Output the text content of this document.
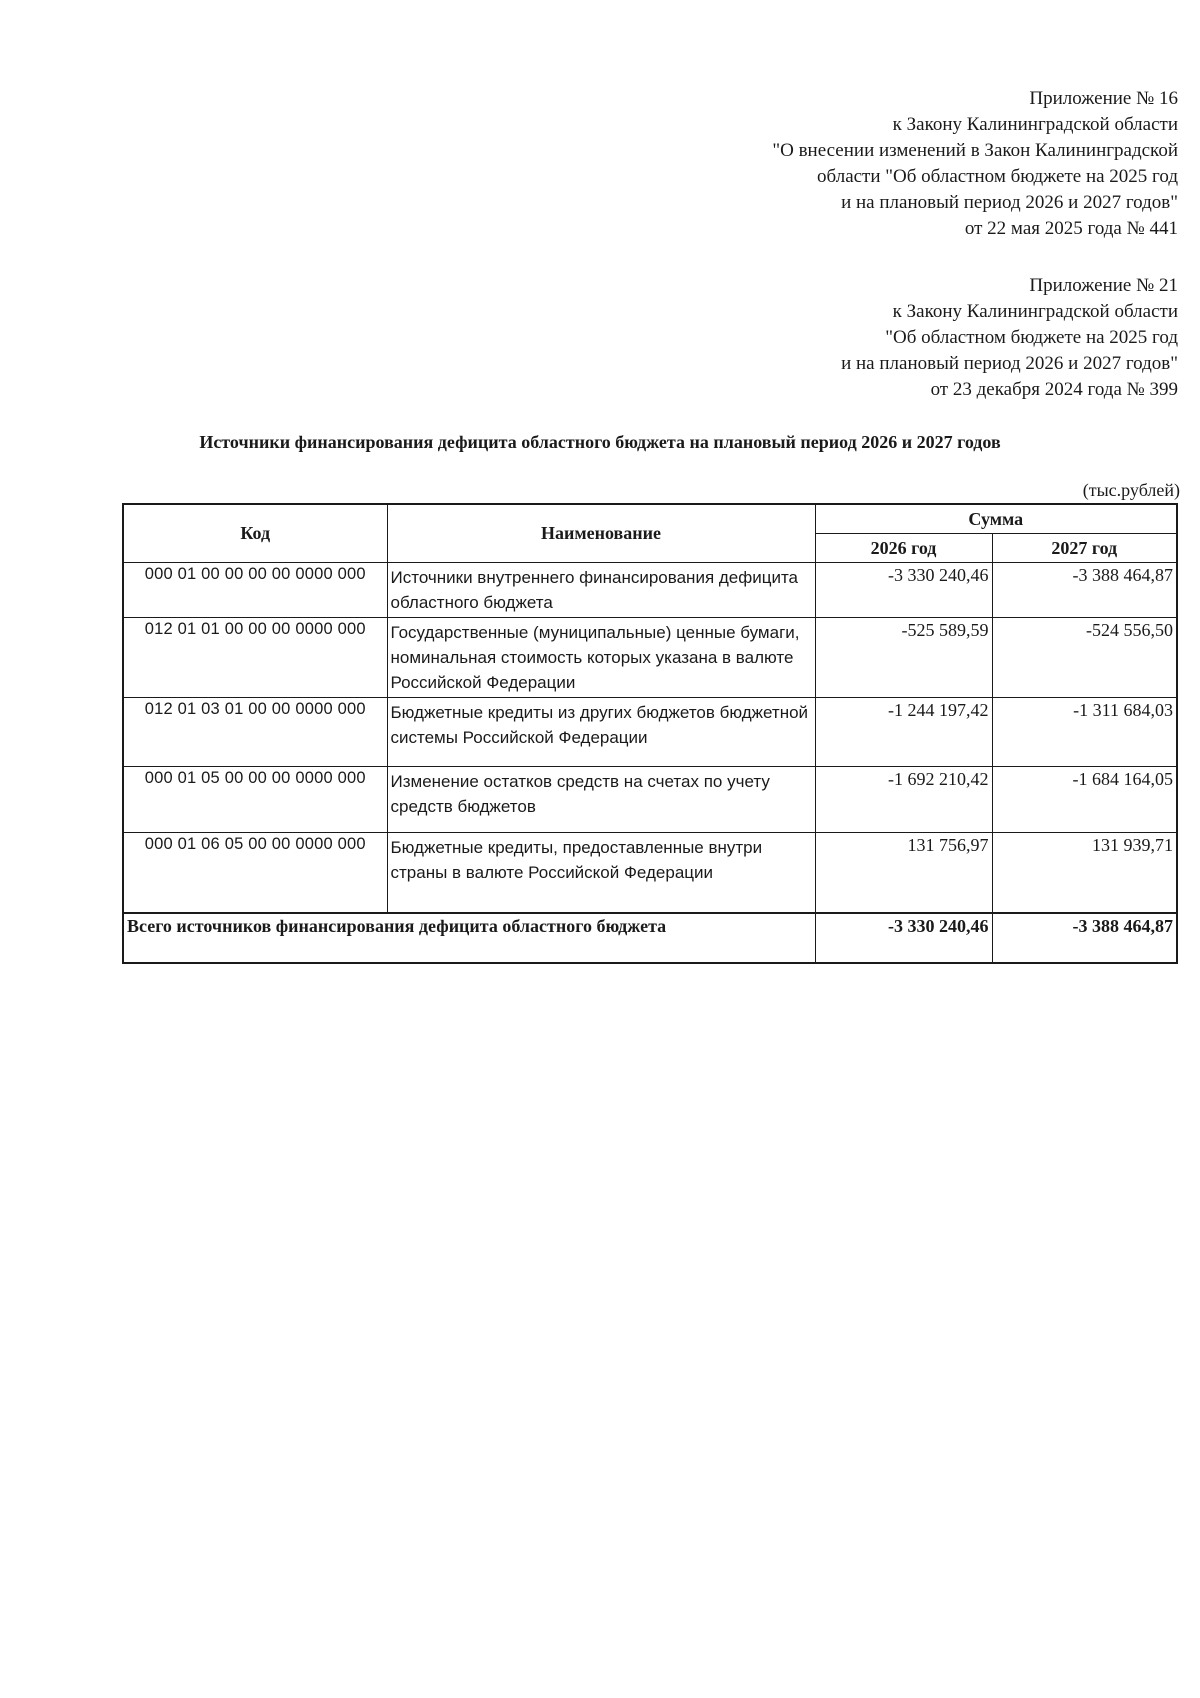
Приложение № 16
к Закону Калининградской области
"О внесении изменений в Закон Калининградской
области "Об областном бюджете на 2025 год
и на плановый период 2026 и 2027 годов"
от 22 мая 2025 года № 441
Приложение № 21
к Закону Калининградской области
"Об областном бюджете на 2025 год
и на плановый период 2026 и 2027 годов"
от 23 декабря 2024 года № 399
Источники финансирования дефицита областного бюджета на плановый период 2026 и 2027 годов
(тыс.рублей)
Код	Наименование	Сумма	
		2026 год	2027 год
000 01 00 00 00 00 0000 000	Источники внутреннего финансирования дефицита областного бюджета	-3 330 240,46	-3 388 464,87
012 01 01 00 00 00 0000 000	Государственные (муниципальные) ценные бумаги, номинальная стоимость которых указана в валюте Российской Федерации	-525 589,59	-524 556,50
012 01 03 01 00 00 0000 000	Бюджетные кредиты из других бюджетов бюджетной системы Российской Федерации	-1 244 197,42	-1 311 684,03
000 01 05 00 00 00 0000 000	Изменение остатков средств на счетах по учету средств бюджетов	-1 692 210,42	-1 684 164,05
000 01 06 05 00 00 0000 000	Бюджетные кредиты, предоставленные внутри страны в валюте Российской Федерации	131 756,97	131 939,71
Всего источников финансирования дефицита областного бюджета		-3 330 240,46	-3 388 464,87
